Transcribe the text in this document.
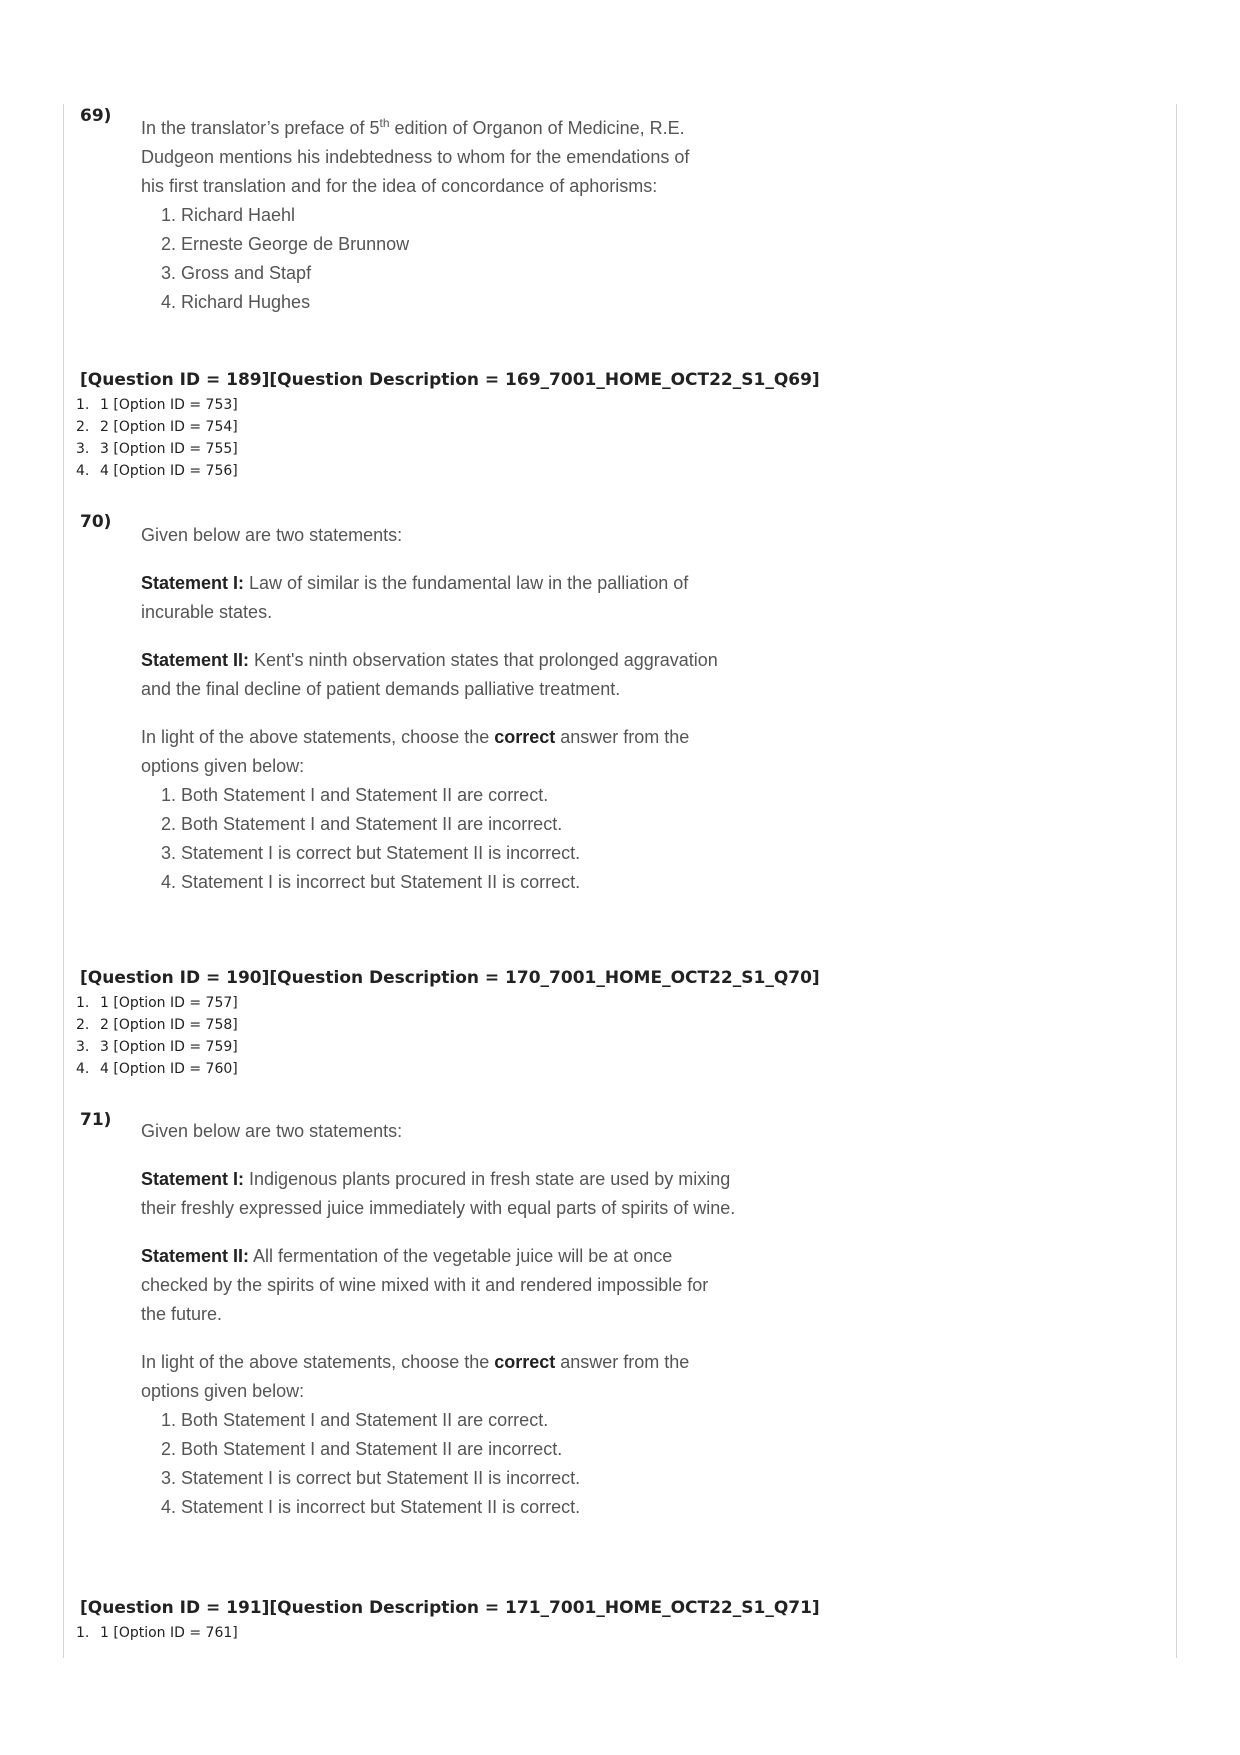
69)

In the translator’s preface of 5th edition of Organon of Medicine, R.E.

Dudgeon mentions his indebtedness to whom for the emendations of

his first translation and for the idea of concordance of aphorisms:

1. Richard Haehl
2. Erneste George de Brunnow
3. Gross and Stapf
4. Richard Hughes
[Question ID = 189][Question Description = 169_7001_HOME_OCT22_S1_Q69]
1. 1 [Option ID = 753]
2. 2 [Option ID = 754]
3. 3 [Option ID = 755]
4. 4 [Option ID = 756]
70)

Given below are two statements:

Statement I: Law of similar is the fundamental law in the palliation of

incurable states.

Statement II: Kent's ninth observation states that prolonged aggravation

and the final decline of patient demands palliative treatment.

In light of the above statements, choose the correct answer from the

options given below:

1. Both Statement I and Statement II are correct.
2. Both Statement I and Statement II are incorrect.
3. Statement I is correct but Statement II is incorrect.
4. Statement I is incorrect but Statement II is correct.
[Question ID = 190][Question Description = 170_7001_HOME_OCT22_S1_Q70]
1. 1 [Option ID = 757]
2. 2 [Option ID = 758]
3. 3 [Option ID = 759]
4. 4 [Option ID = 760]
71)

Given below are two statements:

Statement I: Indigenous plants procured in fresh state are used by mixing

their freshly expressed juice immediately with equal parts of spirits of wine.

Statement II: All fermentation of the vegetable juice will be at once

checked by the spirits of wine mixed with it and rendered impossible for

the future.

In light of the above statements, choose the correct answer from the

options given below:

1. Both Statement I and Statement II are correct.
2. Both Statement I and Statement II are incorrect.
3. Statement I is correct but Statement II is incorrect.
4. Statement I is incorrect but Statement II is correct.
[Question ID = 191][Question Description = 171_7001_HOME_OCT22_S1_Q71]
1. 1 [Option ID = 761]
